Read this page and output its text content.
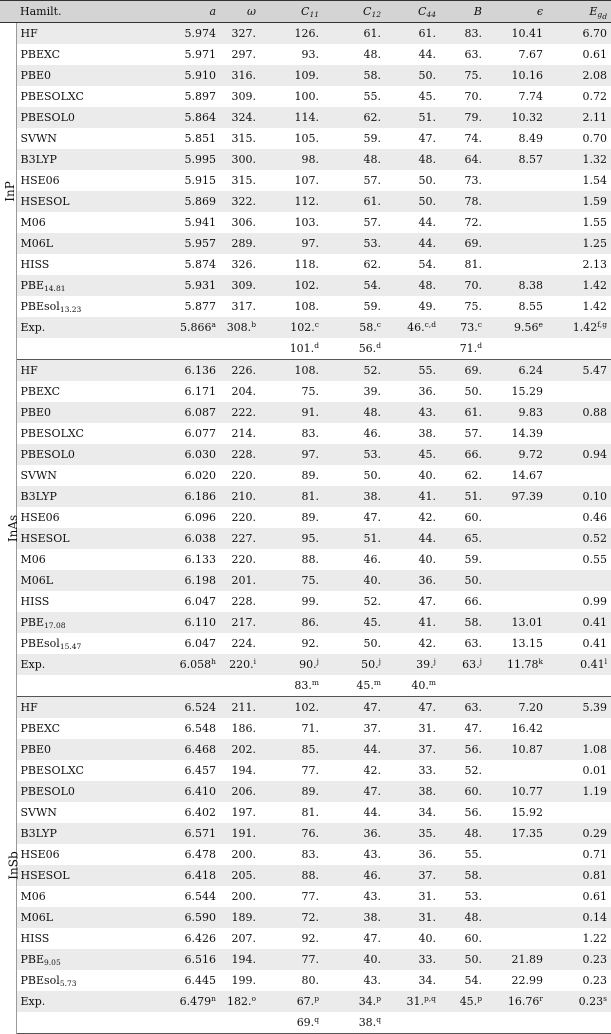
	Hamilt.	a	ω	$C_{11}$	$C_{12}$	$C_{44}$	B	ϵ	$E_{g_d}$
InP	HF	5.974	327.	126.	61.	61.	83.	10.41	6.70
	PBEXC	5.971	297.	93.	48.	44.	63.	7.67	0.61
	PBE0	5.910	316.	109.	58.	50.	75.	10.16	2.08
	PBESOLXC	5.897	309.	100.	55.	45.	70.	7.74	0.72
	PBESOL0	5.864	324.	114.	62.	51.	79.	10.32	2.11
	SVWN	5.851	315.	105.	59.	47.	74.	8.49	0.70
	B3LYP	5.995	300.	98.	48.	48.	64.	8.57	1.32
	HSE06	5.915	315.	107.	57.	50.	73.		1.54
	HSESOL	5.869	322.	112.	61.	50.	78.		1.59
	M06	5.941	306.	103.	57.	44.	72.		1.55
	M06L	5.957	289.	97.	53.	44.	69.		1.25
	HISS	5.874	326.	118.	62.	54.	81.		2.13
	$PBE_{14.81}$	5.931	309.	102.	54.	48.	70.	8.38	1.42
	PBEsol$_{13.23}$	5.877	317.	108.	59.	49.	75.	8.55	1.42
	Exp.	5.866$^a$	308.$^b$	102.$^c$	58.$^c$	46.$^{c,d}$	73.$^c$	9.56e	1.42$^{f,g}$
				101.$^d$	56.$^d$		71.$^d$		
InAs	HF	6.136	226.	108.	52.	55.	69.	6.24	5.47
	PBEXC	6.171	204.	75.	39.	36.	50.	15.29	
	PBE0	6.087	222.	91.	48.	43.	61.	9.83	0.88
	PBESOLXC	6.077	214.	83.	46.	38.	57.	14.39	
	PBESOL0	6.030	228.	97.	53.	45.	66.	9.72	0.94
	SVWN	6.020	220.	89.	50.	40.	62.	14.67	
	B3LYP	6.186	210.	81.	38.	41.	51.	97.39	0.10
	HSE06	6.096	220.	89.	47.	42.	60.		0.46
	HSESOL	6.038	227.	95.	51.	44.	65.		0.52
	M06	6.133	220.	88.	46.	40.	59.		0.55
	M06L	6.198	201.	75.	40.	36.	50.		
	HISS	6.047	228.	99.	52.	47.	66.		0.99
	$PBE_{17.08}$	6.110	217.	86.	45.	41.	58.	13.01	0.41
	PBEsol$_{15.47}$	6.047	224.	92.	50.	42.	63.	13.15	0.41
	Exp.	6.058$^h$	220.$^i$	90.$^j$	50.$^j$	39.$^j$	63.$^j$	11.78$^k$	0.41$^l$
				83.$^m$	45.$^m$	40.$^m$			
InSb	HF	6.524	211.	102.	47.	47.	63.	7.20	5.39
	PBEXC	6.548	186.	71.	37.	31.	47.	16.42	
	PBE0	6.468	202.	85.	44.	37.	56.	10.87	1.08
	PBESOLXC	6.457	194.	77.	42.	33.	52.		0.01
	PBESOL0	6.410	206.	89.	47.	38.	60.	10.77	1.19
	SVWN	6.402	197.	81.	44.	34.	56.	15.92	
	B3LYP	6.571	191.	76.	36.	35.	48.	17.35	0.29
	HSE06	6.478	200.	83.	43.	36.	55.		0.71
	HSESOL	6.418	205.	88.	46.	37.	58.		0.81
	M06	6.544	200.	77.	43.	31.	53.		0.61
	M06L	6.590	189.	72.	38.	31.	48.		0.14
	HISS	6.426	207.	92.	47.	40.	60.		1.22
	$PBE_{9.05}$	6.516	194.	77.	40.	33.	50.	21.89	0.23
	PBEsol$_{5.73}$	6.445	199.	80.	43.	34.	54.	22.99	0.23
	Exp.	6.479$^n$	182.$^o$	67.$^p$	34.$^p$	31.$^{p,q}$	45.$^p$	16.76$^r$	0.23$^s$
				69.$^q$	38.$^q$				
